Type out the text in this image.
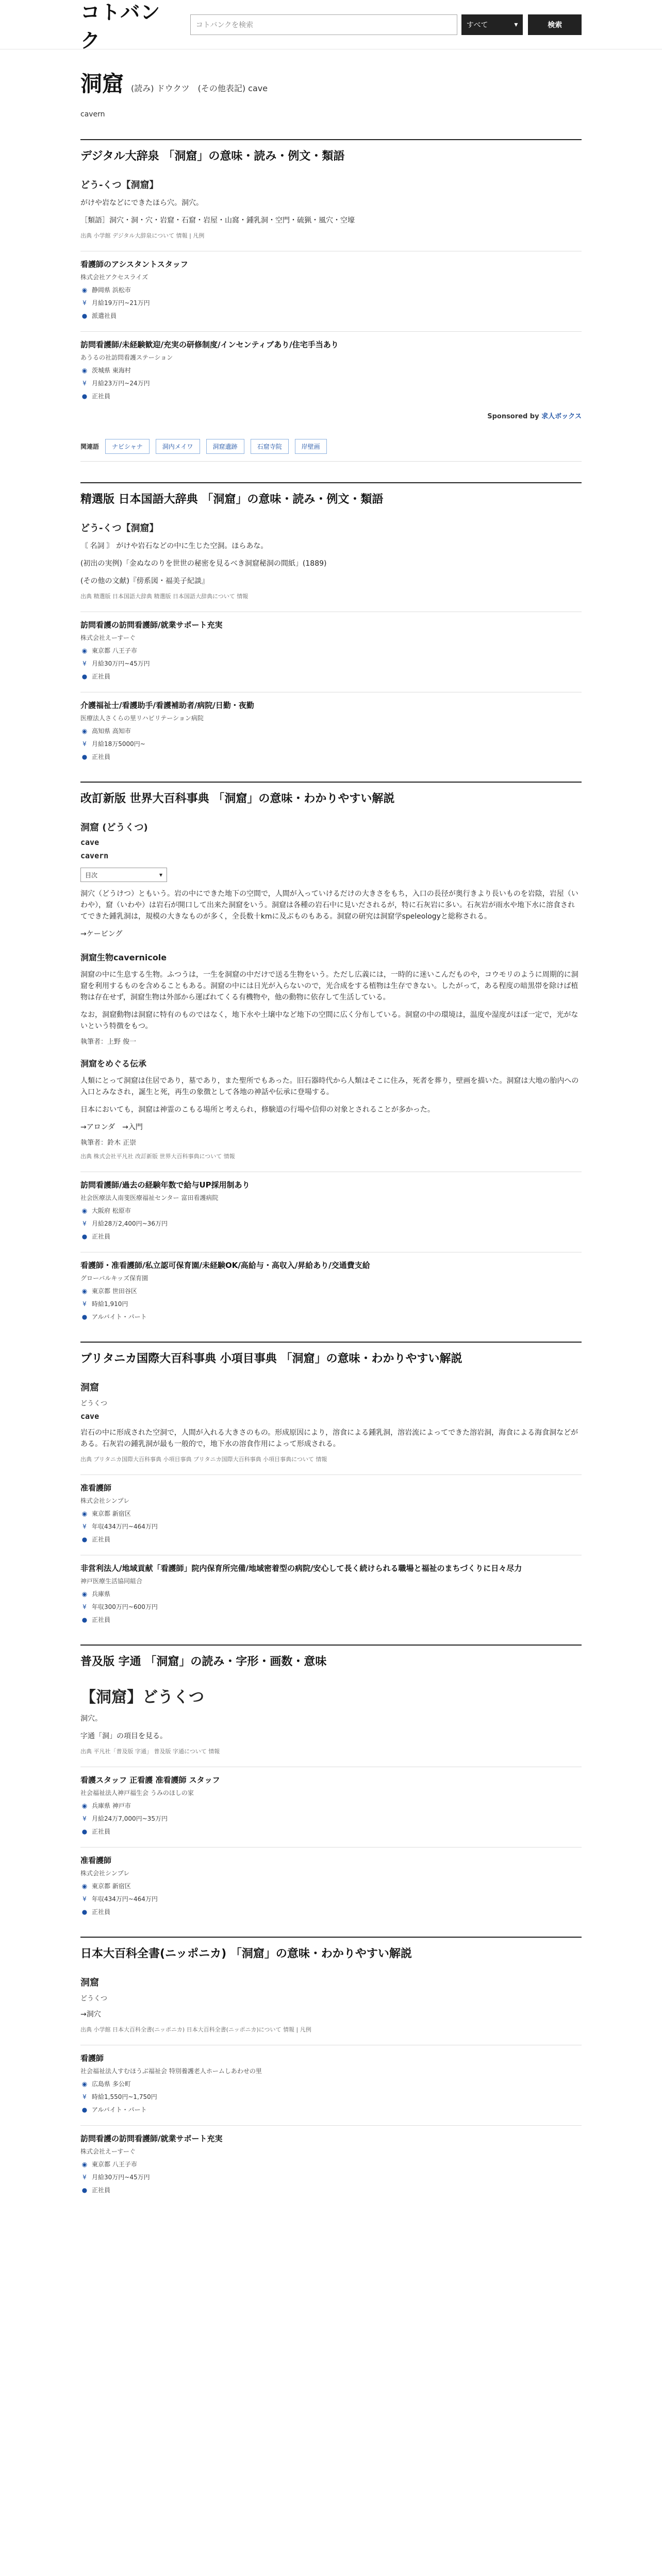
コトバンク
コトバンクを検索	すべて	▾	検索
洞窟 (読み) ドウクツ　(その他表記) cave
cavern
デジタル大辞泉 「洞窟」の意味・読み・例文・類語
どう‐くつ【洞窟】
がけや岩などにできたほら穴。洞穴。
［類語］洞穴・洞・穴・岩窟・石窟・岩屋・山窩・鍾乳洞・空門・硫猟・風穴・空壕
出典 小学館 デジタル大辞泉について 情報 | 凡例
看護師のアシスタントスタッフ
株式会社アクセスライズ
◉ 静岡県 浜松市
¥ 月給19万円~21万円
● 派遣社員
訪問看護師/未経験歓迎/充実の研修制度/インセンティブあり/住宅手当あり
あうるの社訪問看護ステーション
◉ 茨城県 東海村
¥ 月給23万円~24万円
● 正社員
Sponsored by 求人ボックス
関連語	ナビシャナ	洞内メイワ	洞窟遺跡	石窟寺院	岸壁画
精選版 日本国語大辞典 「洞窟」の意味・読み・例文・類語
どう‐くつ【洞窟】
〘 名詞 〙 がけや岩石などの中に生じた空洞。ほらあな。
(初出の実例)「金ぬなのりを世世の秘密を見るべき洞窟秘洞の間紙」(1889)
(その他の文献)『傍系図・福美子紀談』
出典 精選版 日本国語大辞典 精選版 日本国語大辞典について 情報
訪問看護の訪問看護師/就業サポート充実
株式会社えーすーぐ
◉ 東京都 八王子市
¥ 月給30万円~45万円
● 正社員
介護福祉士/看護助手/看護補助者/病院/日勤・夜勤
医療法人さくらの里リハビリテーション病院
◉ 高知県 高知市
¥ 月給18万5000円~
● 正社員
改訂新版 世界大百科事典 「洞窟」の意味・わかりやすい解説
洞窟 (どうくつ)
cave
cavern
目次	▾
洞穴（どうけつ）ともいう。岩の中にできた地下の空間で，人間が入っていけるだけの大きさをもち，入口の長径が奥行きより長いものを岩陰，岩屋（いわや），窟（いわや）は岩石が開口して出来た洞窟をいう。洞窟は各種の岩石中に見いだされるが，特に石灰岩に多い。石灰岩が雨水や地下水に溶食されてできた鍾乳洞は，規模の大きなものが多く，全長数十kmに及ぶものもある。洞窟の研究は洞窟学speleologyと総称される。
→ケービング
洞窟生物cavernicole
洞窟の中に生息する生物。ふつうは，一生を洞窟の中だけで送る生物をいう。ただし広義には，一時的に迷いこんだものや，コウモリのように周期的に洞窟を利用するものを含めることもある。洞窟の中には日光が入らないので，光合成をする植物は生存できない。したがって，ある程度の暗黒帯を除けば植物は存在せず，洞窟生物は外部から運ばれてくる有機物や，他の動物に依存して生活している。
なお，洞窟動物は洞窟に特有のものではなく，地下水や土壌中など地下の空間に広く分布している。洞窟の中の環境は，温度や湿度がほぼ一定で，光がないという特徴をもつ。
執筆者：上野 俊一
洞窟をめぐる伝承
人類にとって洞窟は住居であり，墓であり，また聖所でもあった。旧石器時代から人類はそこに住み，死者を葬り，壁画を描いた。洞窟は大地の胎内への入口とみなされ，誕生と死，再生の象徴として各地の神話や伝承に登場する。
日本においても，洞窟は神霊のこもる場所と考えられ，修験道の行場や信仰の対象とされることが多かった。
→アロンダ　→入門
執筆者：鈴木 正崇
出典 株式会社平凡社 改訂新版 世界大百科事典について 情報
訪問看護師/過去の経験年数で給与UP採用制あり
社会医療法人南斐医療福祉センター 富田看護病院
◉ 大阪府 松原市
¥ 月給28万2,400円~36万円
● 正社員
看護師・准看護師/私立認可保育園/未経験OK/高給与・高収入/昇給あり/交通費支給
グローバルキッズ保育園
◉ 東京都 世田谷区
¥ 時給1,910円
● アルバイト・パート
ブリタニカ国際大百科事典 小項目事典 「洞窟」の意味・わかりやすい解説
洞窟
どうくつ
cave
岩石の中に形成された空洞で，人間が入れる大きさのもの。形成原因により，溶食による鍾乳洞，溶岩流によってできた溶岩洞，海食による海食洞などがある。石灰岩の鍾乳洞が最も一般的で，地下水の溶食作用によって形成される。
出典 ブリタニカ国際大百科事典 小項目事典 ブリタニカ国際大百科事典 小項目事典について 情報
准看護師
株式会社シンプレ
◉ 東京都 新宿区
¥ 年収434万円~464万円
● 正社員
非営利法人/地域貢献「看護師」院内保育所完備/地域密着型の病院/安心して長く続けられる職場と福祉のまちづくりに日々尽力
神戸医療生活協同組合
◉ 兵庫県
¥ 年収300万円~600万円
● 正社員
普及版 字通 「洞窟」の読み・字形・画数・意味
【洞窟】どうくつ
洞穴。
字通「洞」の項目を見る。
出典 平凡社「普及版 字通」 普及版 字通について 情報
看護スタッフ 正看護 准看護師 スタッフ
社会福祉法人神戸福生会 うみのほしの家
◉ 兵庫県 神戸市
¥ 月給24万7,000円~35万円
● 正社員
准看護師
株式会社シンプレ
◉ 東京都 新宿区
¥ 年収434万円~464万円
● 正社員
日本大百科全書(ニッポニカ) 「洞窟」の意味・わかりやすい解説
洞窟
どうくつ
→洞穴
出典 小学館 日本大百科全書(ニッポニカ) 日本大百科全書(ニッポニカ)について 情報 | 凡例
看護師
社会福祉法人すむほうぶ福祉会 特別養護老人ホームしあわせの里
◉ 広島県 多公町
¥ 時給1,550円~1,750円
● アルバイト・パート
訪問看護の訪問看護師/就業サポート充実
株式会社えーすーぐ
◉ 東京都 八王子市
¥ 月給30万円~45万円
● 正社員
